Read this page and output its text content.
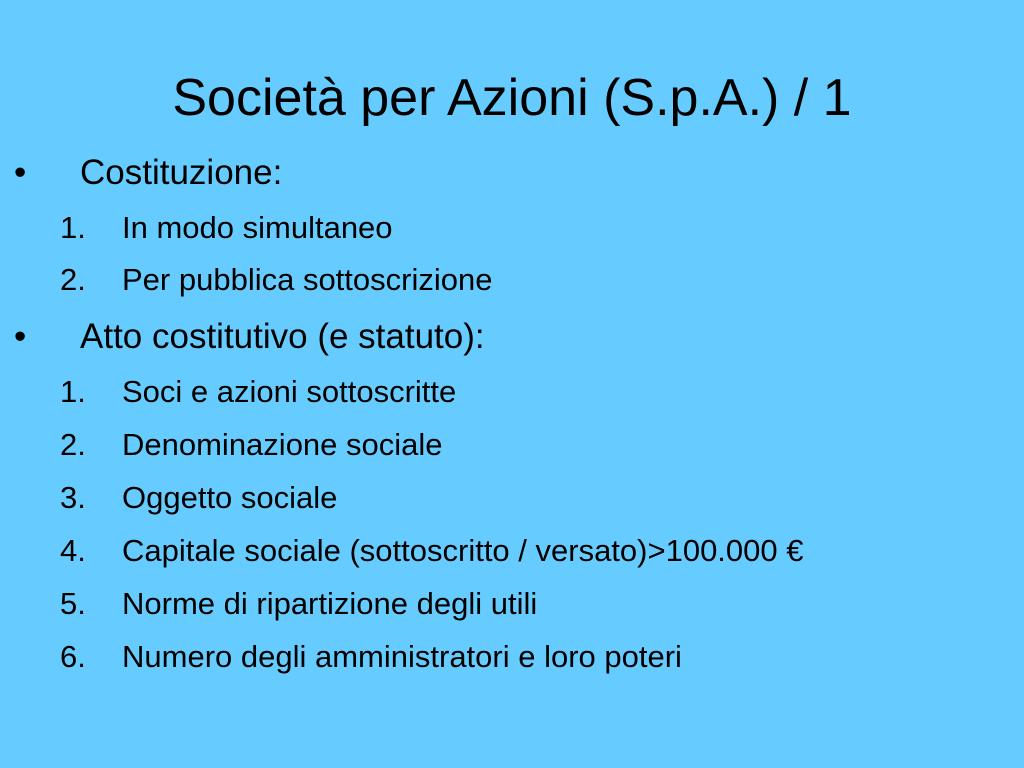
Società per Azioni (S.p.A.) / 1
•	Costituzione:
1.	In modo simultaneo
2.	Per pubblica sottoscrizione
•	Atto costitutivo (e statuto):
1.	Soci e azioni sottoscritte
2.	Denominazione sociale
3.	Oggetto sociale
4.	Capitale sociale (sottoscritto / versato)>100.000 €
5.	Norme di ripartizione degli utili
6.	Numero degli amministratori e loro poteri
